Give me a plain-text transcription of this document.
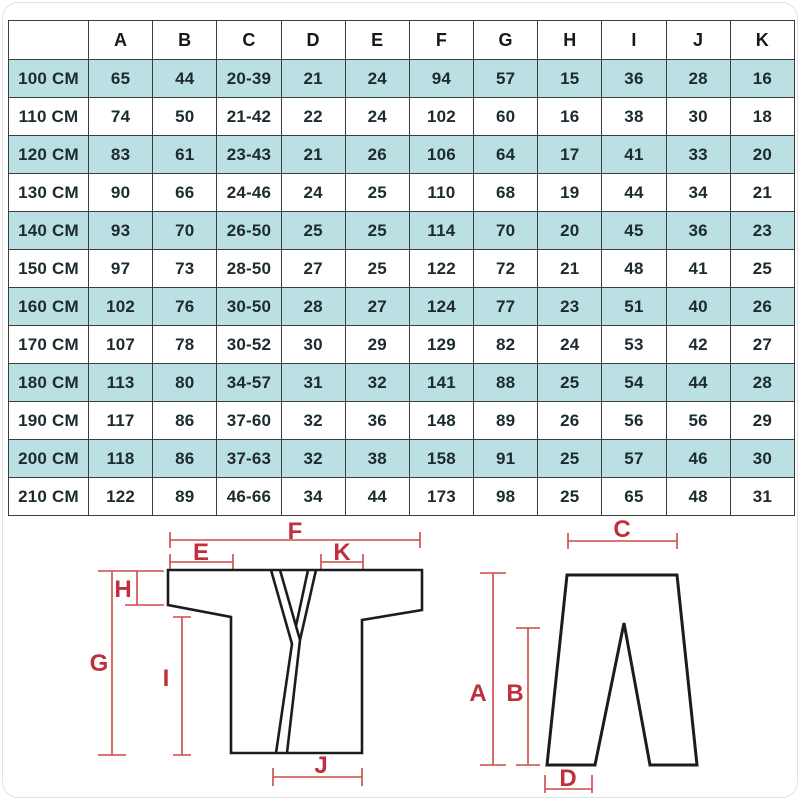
	A	B	C	D	E	F	G	H	I	J	K
100 CM	65	44	20-39	21	24	94	57	15	36	28	16
110 CM	74	50	21-42	22	24	102	60	16	38	30	18
120 CM	83	61	23-43	21	26	106	64	17	41	33	20
130 CM	90	66	24-46	24	25	110	68	19	44	34	21
140 CM	93	70	26-50	25	25	114	70	20	45	36	23
150 CM	97	73	28-50	27	25	122	72	21	48	41	25
160 CM	102	76	30-50	28	27	124	77	23	51	40	26
170 CM	107	78	30-52	30	29	129	82	24	53	42	27
180 CM	113	80	34-57	31	32	141	88	25	54	44	28
190 CM	117	86	37-60	32	36	148	89	26	56	56	29
200 CM	118	86	37-63	32	38	158	91	25	57	46	30
210 CM	122	89	46-66	34	44	173	98	25	65	48	31
F
E	K
H
G
I
J
C
A B
D
